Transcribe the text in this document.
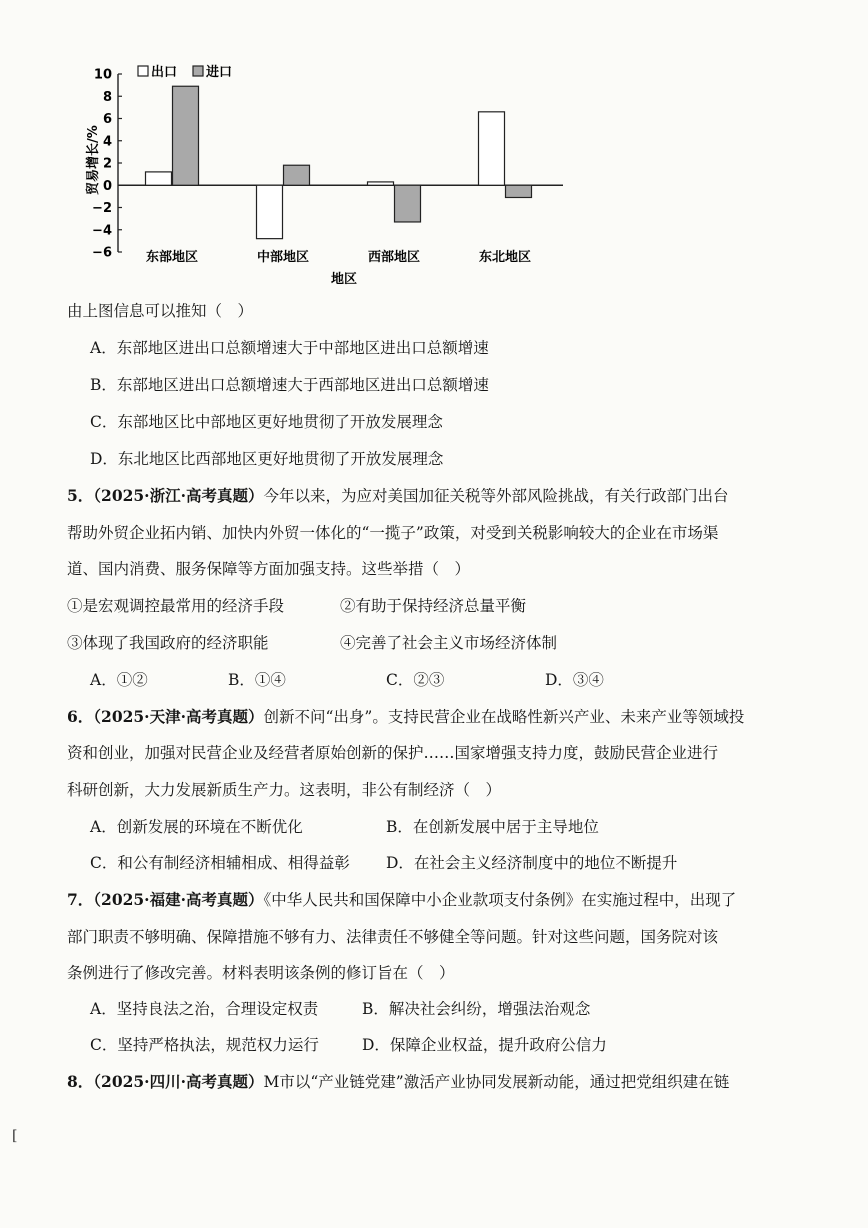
−6
−4
−2
0
2
4
6
8
10
东部地区	中部地区	西部地区	东北地区
出口 进口
贸易增长/%
地区
由上图信息可以推知（　）
A．东部地区进出口总额增速大于中部地区进出口总额增速
B．东部地区进出口总额增速大于西部地区进出口总额增速
C．东部地区比中部地区更好地贯彻了开放发展理念
D．东北地区比西部地区更好地贯彻了开放发展理念
5．（2025·浙江·高考真题）今年以来，为应对美国加征关税等外部风险挑战，有关行政部门出台
帮助外贸企业拓内销、加快内外贸一体化的“一揽子”政策，对受到关税影响较大的企业在市场渠
道、国内消费、服务保障等方面加强支持。这些举措（　）
①是宏观调控最常用的经济手段	②有助于保持经济总量平衡
③体现了我国政府的经济职能	④完善了社会主义市场经济体制
A．①②	B．①④	C．②③	D．③④
6．（2025·天津·高考真题）创新不问“出身”。支持民营企业在战略性新兴产业、未来产业等领域投
资和创业，加强对民营企业及经营者原始创新的保护……国家增强支持力度，鼓励民营企业进行
科研创新，大力发展新质生产力。这表明，非公有制经济（　）
A．创新发展的环境在不断优化	B．在创新发展中居于主导地位
C．和公有制经济相辅相成、相得益彰 D．在社会主义经济制度中的地位不断提升
7．（2025·福建·高考真题）《中华人民共和国保障中小企业款项支付条例》在实施过程中，出现了
部门职责不够明确、保障措施不够有力、法律责任不够健全等问题。针对这些问题，国务院对该
条例进行了修改完善。材料表明该条例的修订旨在（　）
A．坚持良法之治，合理设定权责	B．解决社会纠纷，增强法治观念
C．坚持严格执法，规范权力运行	D．保障企业权益，提升政府公信力
8．（2025·四川·高考真题）M市以“产业链党建”激活产业协同发展新动能，通过把党组织建在链
[
